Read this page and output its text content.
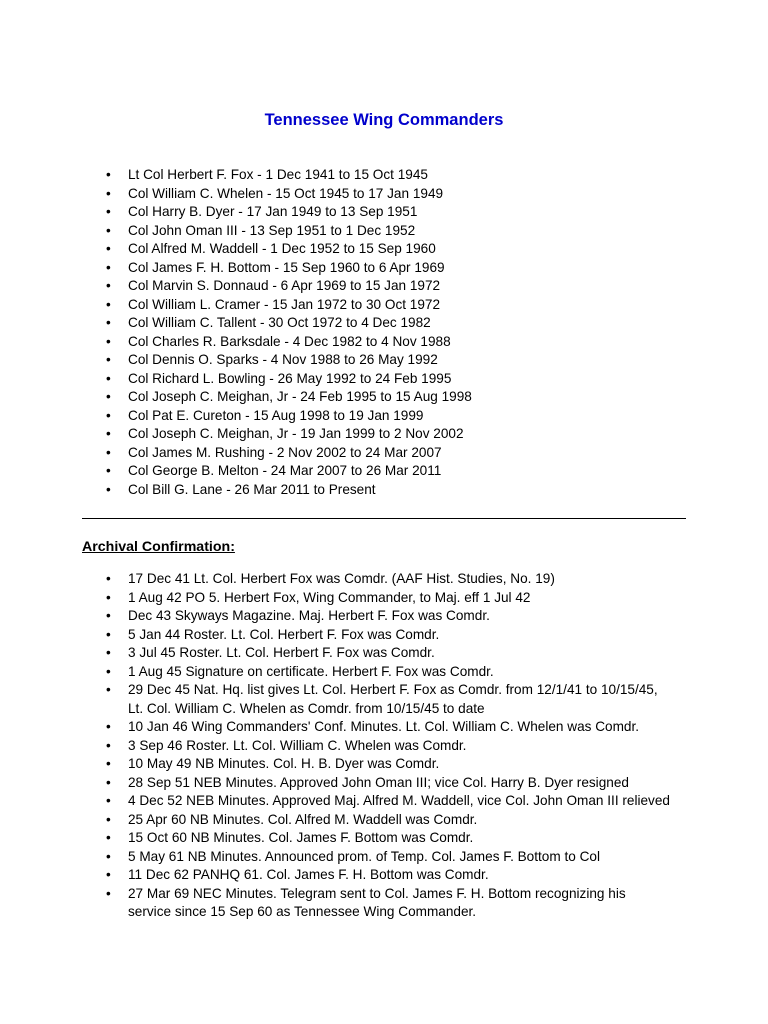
Tennessee Wing Commanders
• Lt Col Herbert F. Fox - 1 Dec 1941 to 15 Oct 1945
• Col William C. Whelen - 15 Oct 1945 to 17 Jan 1949
• Col Harry B. Dyer - 17 Jan 1949 to 13 Sep 1951
• Col John Oman III - 13 Sep 1951 to 1 Dec 1952
• Col Alfred M. Waddell - 1 Dec 1952 to 15 Sep 1960
• Col James F. H. Bottom - 15 Sep 1960 to 6 Apr 1969
• Col Marvin S. Donnaud - 6 Apr 1969 to 15 Jan 1972
• Col William L. Cramer - 15 Jan 1972 to 30 Oct 1972
• Col William C. Tallent - 30 Oct 1972 to 4 Dec 1982
• Col Charles R. Barksdale - 4 Dec 1982 to 4 Nov 1988
• Col Dennis O. Sparks - 4 Nov 1988 to 26 May 1992
• Col Richard L. Bowling - 26 May 1992 to 24 Feb 1995
• Col Joseph C. Meighan, Jr - 24 Feb 1995 to 15 Aug 1998
• Col Pat E. Cureton - 15 Aug 1998 to 19 Jan 1999
• Col Joseph C. Meighan, Jr - 19 Jan 1999 to 2 Nov 2002
• Col James M. Rushing - 2 Nov 2002 to 24 Mar 2007
• Col George B. Melton - 24 Mar 2007 to 26 Mar 2011
• Col Bill G. Lane - 26 Mar 2011 to Present
Archival Confirmation:
• 17 Dec 41 Lt. Col. Herbert Fox was Comdr. (AAF Hist. Studies, No. 19)
• 1 Aug 42 PO 5. Herbert Fox, Wing Commander, to Maj. eff 1 Jul 42
• Dec 43 Skyways Magazine. Maj. Herbert F. Fox was Comdr.
• 5 Jan 44 Roster. Lt. Col. Herbert F. Fox was Comdr.
• 3 Jul 45 Roster. Lt. Col. Herbert F. Fox was Comdr.
• 1 Aug 45 Signature on certificate. Herbert F. Fox was Comdr.
• 29 Dec 45 Nat. Hq. list gives Lt. Col. Herbert F. Fox as Comdr. from 12/1/41 to 10/15/45,
Lt. Col. William C. Whelen as Comdr. from 10/15/45 to date
• 10 Jan 46 Wing Commanders' Conf. Minutes. Lt. Col. William C. Whelen was Comdr.
• 3 Sep 46 Roster. Lt. Col. William C. Whelen was Comdr.
• 10 May 49 NB Minutes. Col. H. B. Dyer was Comdr.
• 28 Sep 51 NEB Minutes. Approved John Oman III; vice Col. Harry B. Dyer resigned
• 4 Dec 52 NEB Minutes. Approved Maj. Alfred M. Waddell, vice Col. John Oman III relieved
• 25 Apr 60 NB Minutes. Col. Alfred M. Waddell was Comdr.
• 15 Oct 60 NB Minutes. Col. James F. Bottom was Comdr.
• 5 May 61 NB Minutes. Announced prom. of Temp. Col. James F. Bottom to Col
• 11 Dec 62 PANHQ 61. Col. James F. H. Bottom was Comdr.
• 27 Mar 69 NEC Minutes. Telegram sent to Col. James F. H. Bottom recognizing his
service since 15 Sep 60 as Tennessee Wing Commander.
